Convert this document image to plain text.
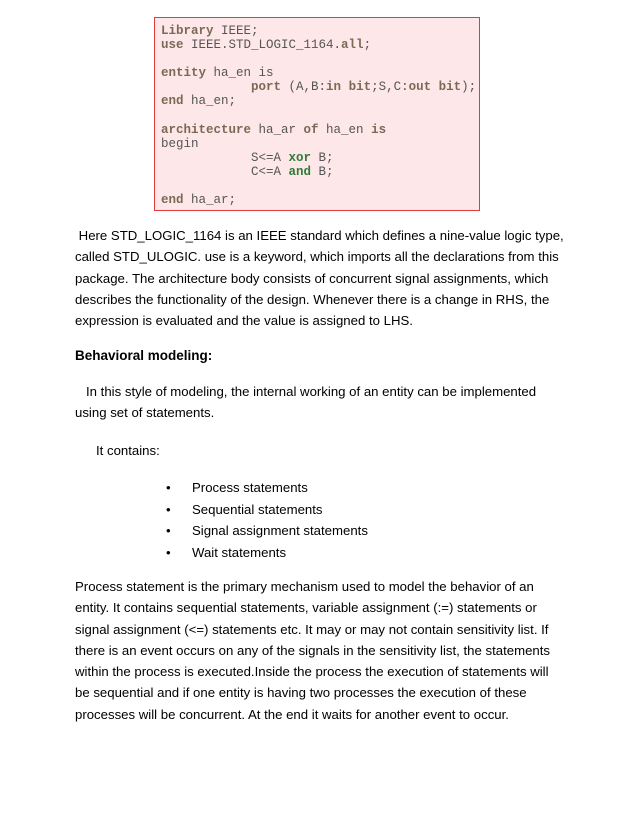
Library IEEE;
use IEEE.STD_LOGIC_1164.all;
entity ha_en is
port (A,B:in bit;S,C:out bit);
end ha_en;
architecture ha_ar of ha_en is
begin
S<=A xor B;
C<=A and B;
end ha_ar;
Here STD_LOGIC_1164 is an IEEE standard which defines a nine-value logic type, called STD_ULOGIC. use is a keyword, which imports all the declarations from this package. The architecture body consists of concurrent signal assignments, which describes the functionality of the design. Whenever there is a change in RHS, the expression is evaluated and the value is assigned to LHS.
Behavioral modeling:
In this style of modeling, the internal working of an entity can be implemented using set of statements.
It contains:
• Process statements
• Sequential statements
• Signal assignment statements
• Wait statements
Process statement is the primary mechanism used to model the behavior of an entity. It contains sequential statements, variable assignment (:=) statements or signal assignment (<=) statements etc. It may or may not contain sensitivity list. If there is an event occurs on any of the signals in the sensitivity list, the statements within the process is executed.Inside the process the execution of statements will be sequential and if one entity is having two processes the execution of these processes will be concurrent. At the end it waits for another event to occur.
